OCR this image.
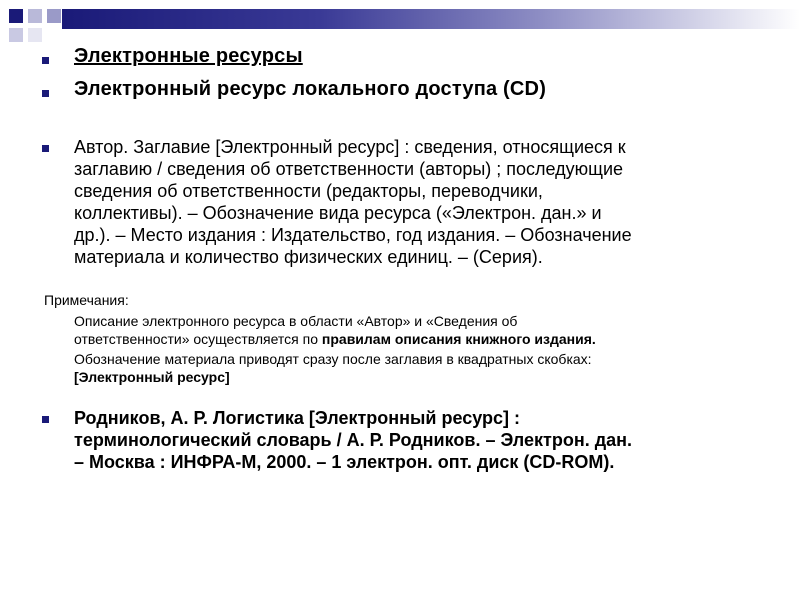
Электронные ресурсы
Электронный ресурс локального доступа (CD)
Автор. Заглавие [Электронный ресурс] : сведения, относящиеся к
заглавию / сведения об ответственности (авторы) ; последующие
сведения об ответственности (редакторы, переводчики,
коллективы). – Обозначение вида ресурса («Электрон. дан.» и
др.). – Место издания : Издательство, год издания. – Обозначение
материала и количество физических единиц. – (Серия).
Примечания:
Описание электронного ресурса в области «Автор» и «Сведения об
ответственности» осуществляется по правилам описания книжного издания.
Обозначение материала приводят сразу после заглавия в квадратных скобках:
[Электронный ресурс]
Родников, А. Р. Логистика [Электронный ресурс] :
терминологический словарь / А. Р. Родников. – Электрон. дан.
– Москва : ИНФРА-М, 2000. – 1 электрон. опт. диск (CD-ROM).
